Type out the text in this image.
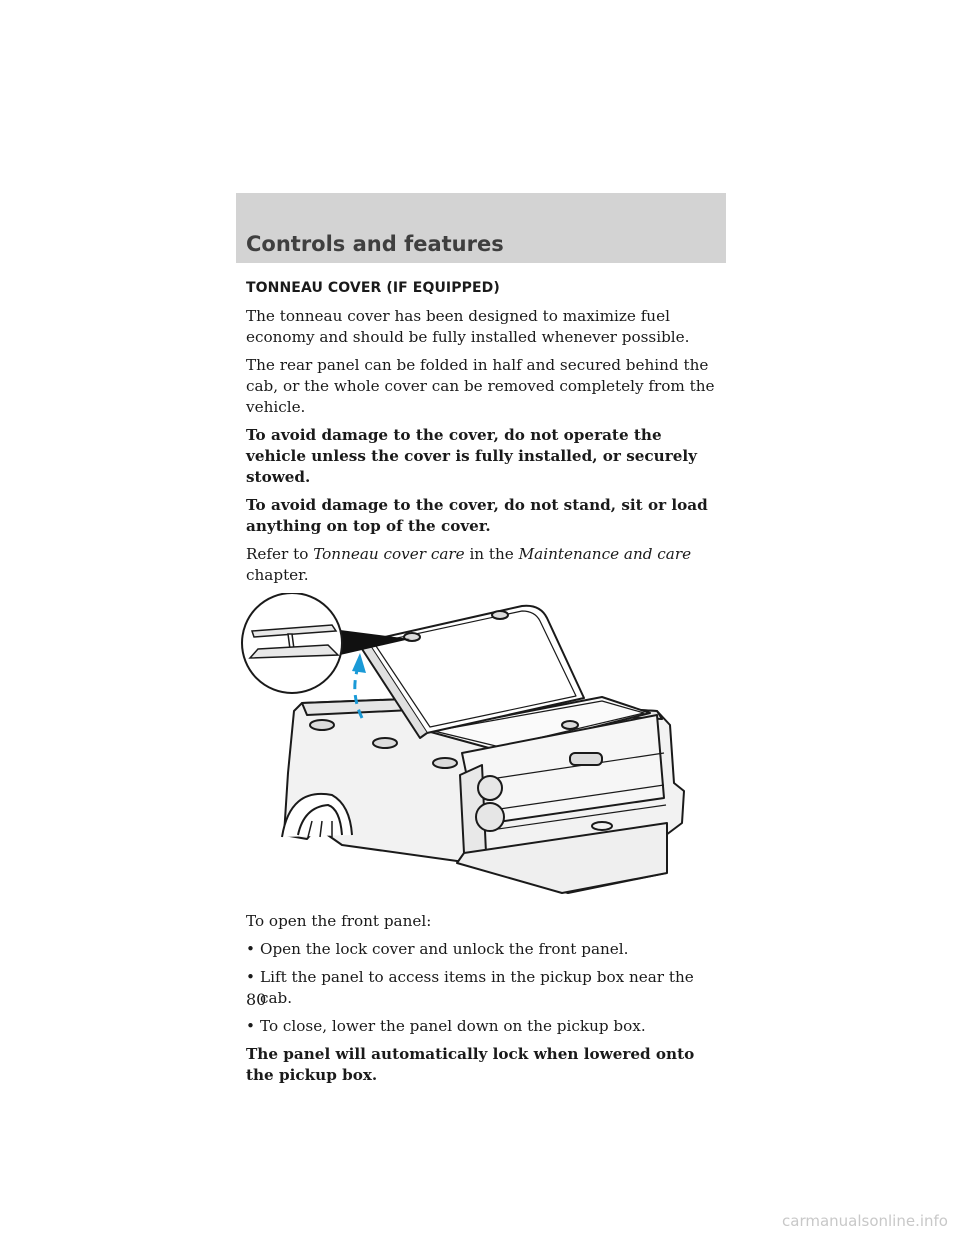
Controls and features
TONNEAU COVER (IF EQUIPPED)

The tonneau cover has been designed to maximize fuel economy and should be fully installed whenever possible.

The rear panel can be folded in half and secured behind the cab, or the whole cover can be removed completely from the vehicle.

To avoid damage to the cover, do not operate the vehicle unless the cover is fully installed, or securely stowed.

To avoid damage to the cover, do not stand, sit or load anything on top of the cover.

Refer to Tonneau cover care in the Maintenance and care chapter.

To open the front panel:

• Open the lock cover and unlock the front panel.
• Lift the panel to access items in the pickup box near the cab.
• To close, lower the panel down on the pickup box.

The panel will automatically lock when lowered onto the pickup box.

80
carmanualsonline.info
